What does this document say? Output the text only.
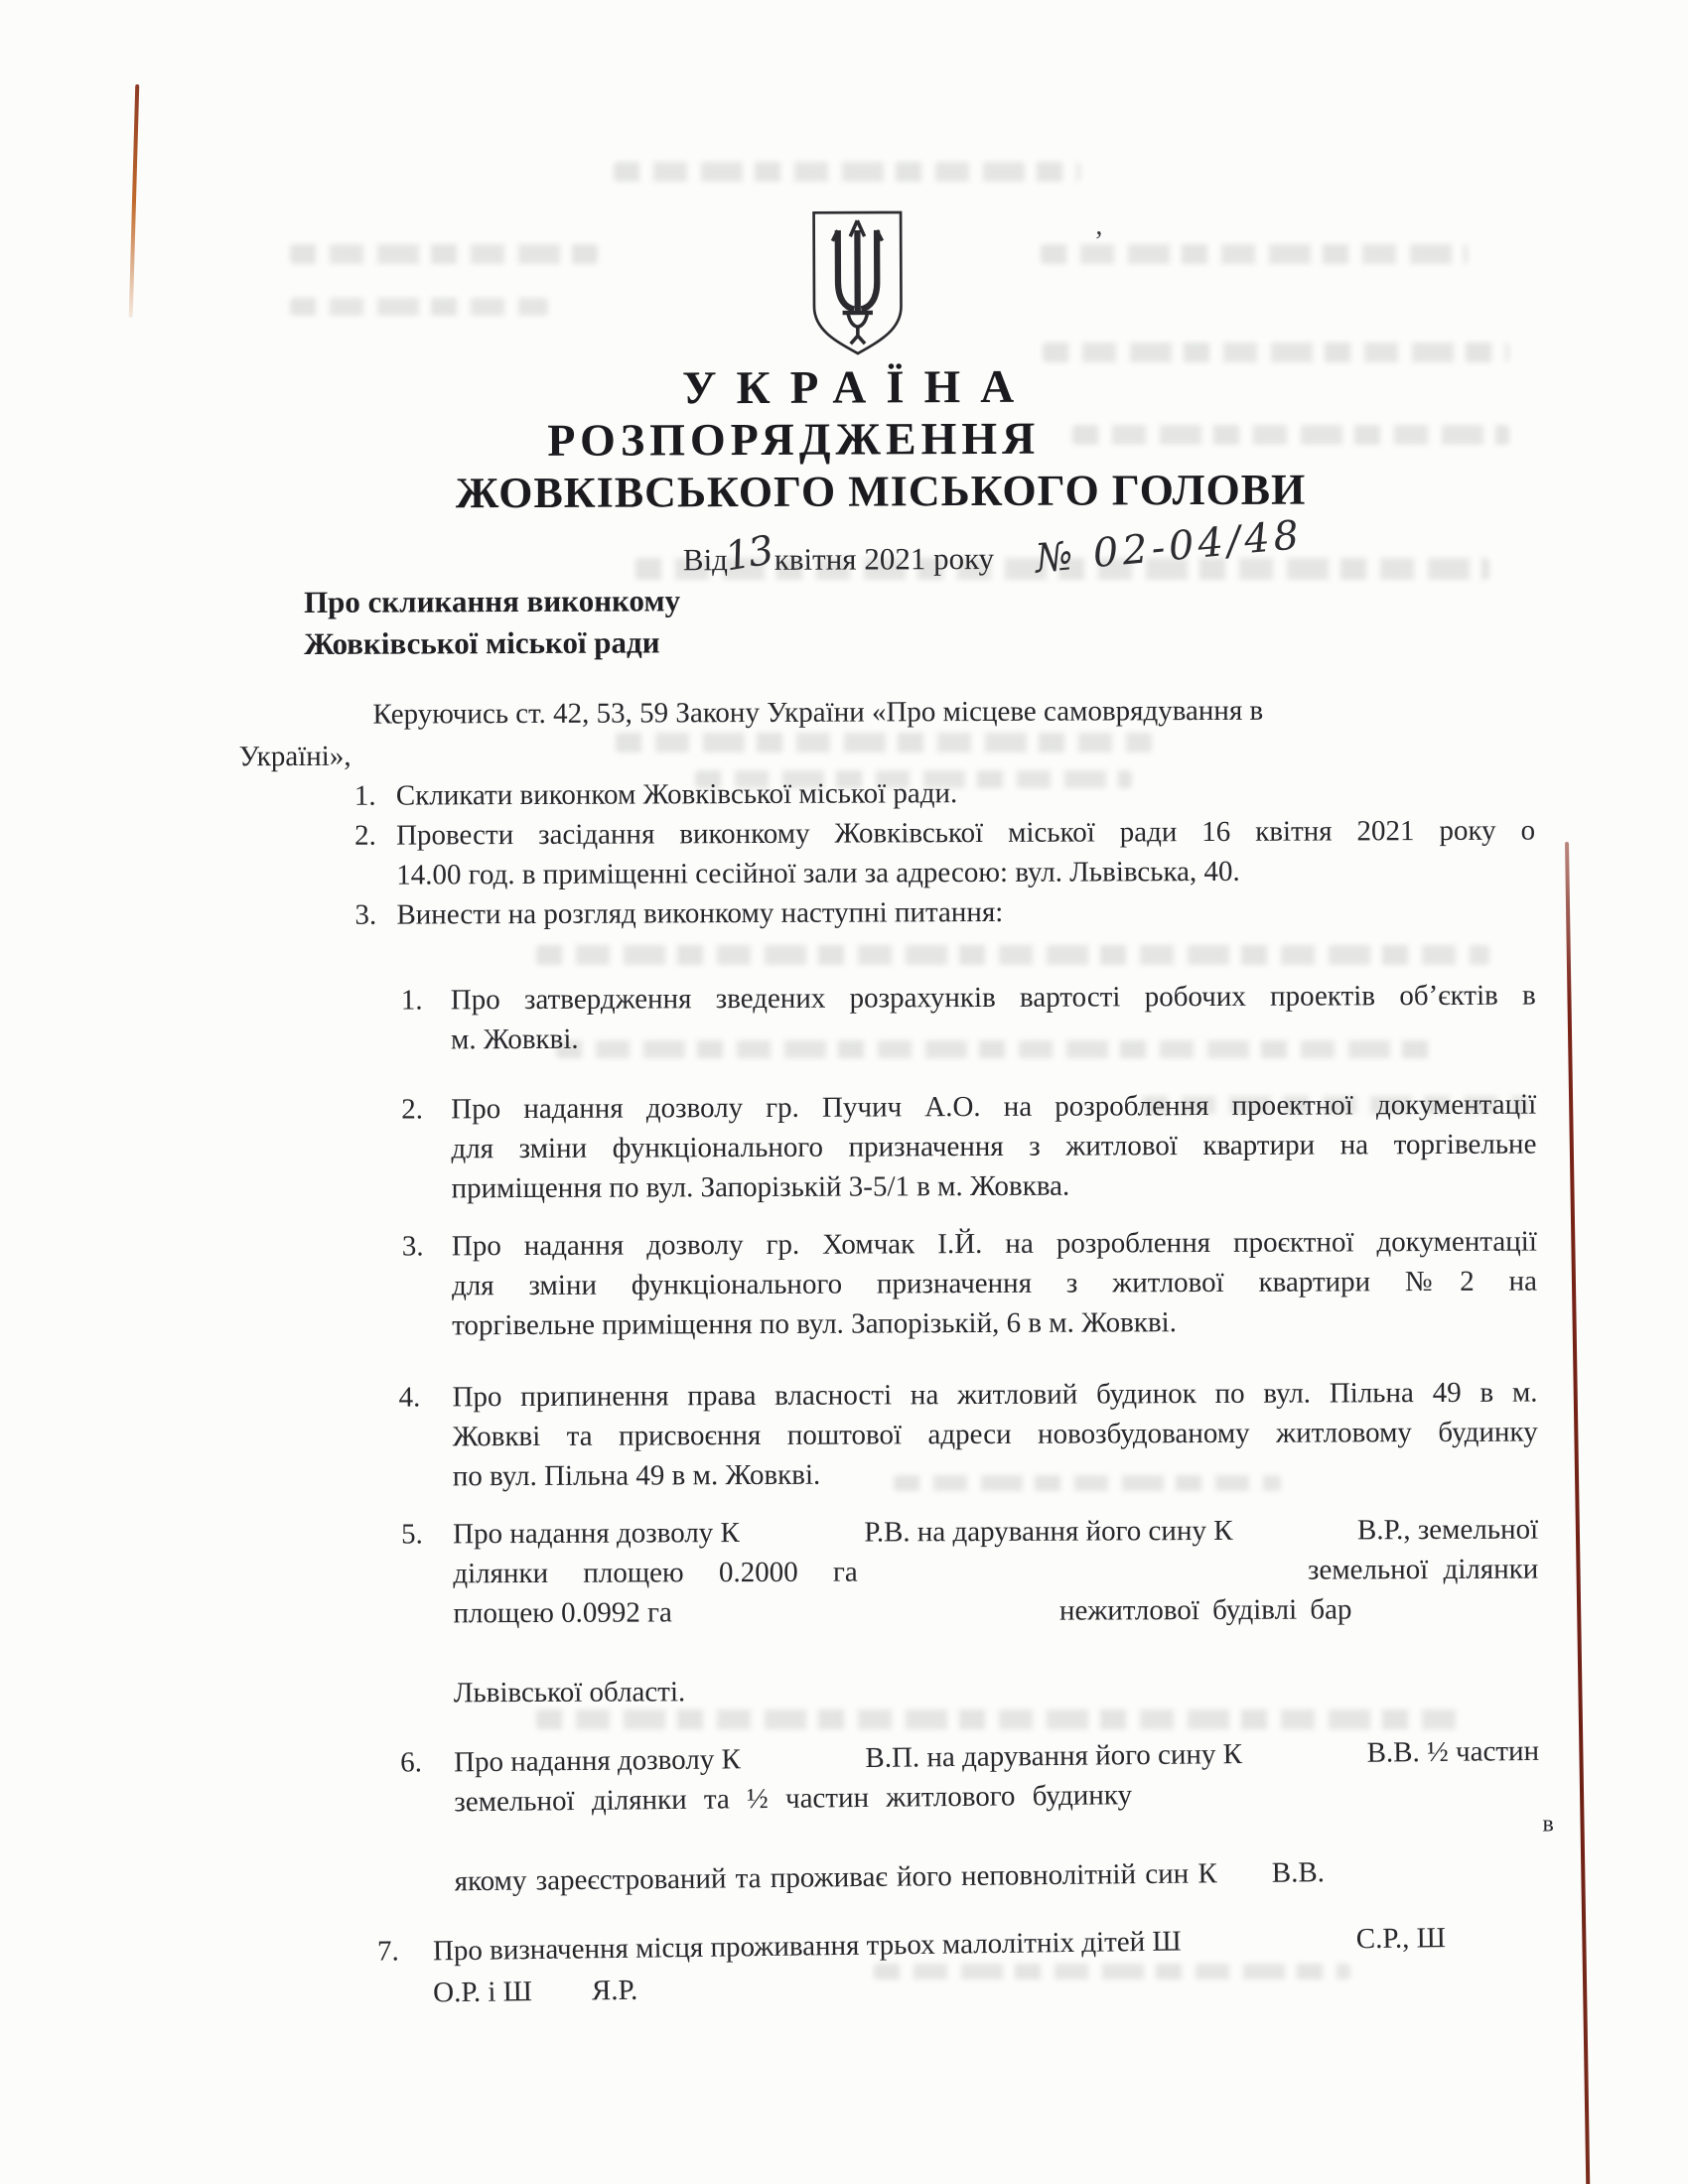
’
УКРАЇНА
РОЗПОРЯДЖЕННЯ
ЖОВКІВСЬКОГО МІСЬКОГО ГОЛОВИ
Від13квітня 2021 року № 02-04/48
Про скликання виконкому
Жовківської міської ради
Керуючись ст. 42, 53, 59 Закону України «Про місцеве самоврядування в
Україні»,
1. Скликати виконком Жовківської міської ради.
2. Провести засідання виконкому Жовківської міської ради 16 квітня 2021 року о
14.00 год. в приміщенні сесійної зали за адресою: вул. Львівська, 40.
3. Винести на розгляд виконкому наступні питання:
1. Про затвердження зведених розрахунків вартості робочих проектів об’єктів в
м. Жовкві.
2. Про надання дозволу гр. Пучич А.О. на розроблення проектної документації
для зміни функціонального призначення з житлової квартири на торгівельне
приміщення по вул. Запорізькій 3-5/1 в м. Жовква.
3. Про надання дозволу гр. Хомчак І.Й. на розроблення проєктної документації
для зміни функціонального призначення з житлової квартири №2 на
торгівельне приміщення по вул. Запорізькій, 6 в м. Жовкві.
4. Про припинення права власності на житловий будинок по вул. Пільна 49 в м.
Жовкві та присвоєння поштової адреси новозбудованому житловому будинку
по вул. Пільна 49 в м. Жовкві.
5. Про надання дозволу К	Р.В. на дарування його сину К	В.Р., земельної
ділянки площею 0.2000 га	земельної ділянки
площею 0.0992 га	нежитлової будівлі бар
Львівської області.
6. Про надання дозволу К	В.П. на дарування його сину К	В.В. ½ частин
земельної ділянки та ½ частин житлового будинку
в
якому зареєстрований та проживає його неповнолітній син К В.В.
7. Про визначення місця проживання трьох малолітніх дітей Ш	С.Р., Ш
О.Р. і Ш Я.Р.
